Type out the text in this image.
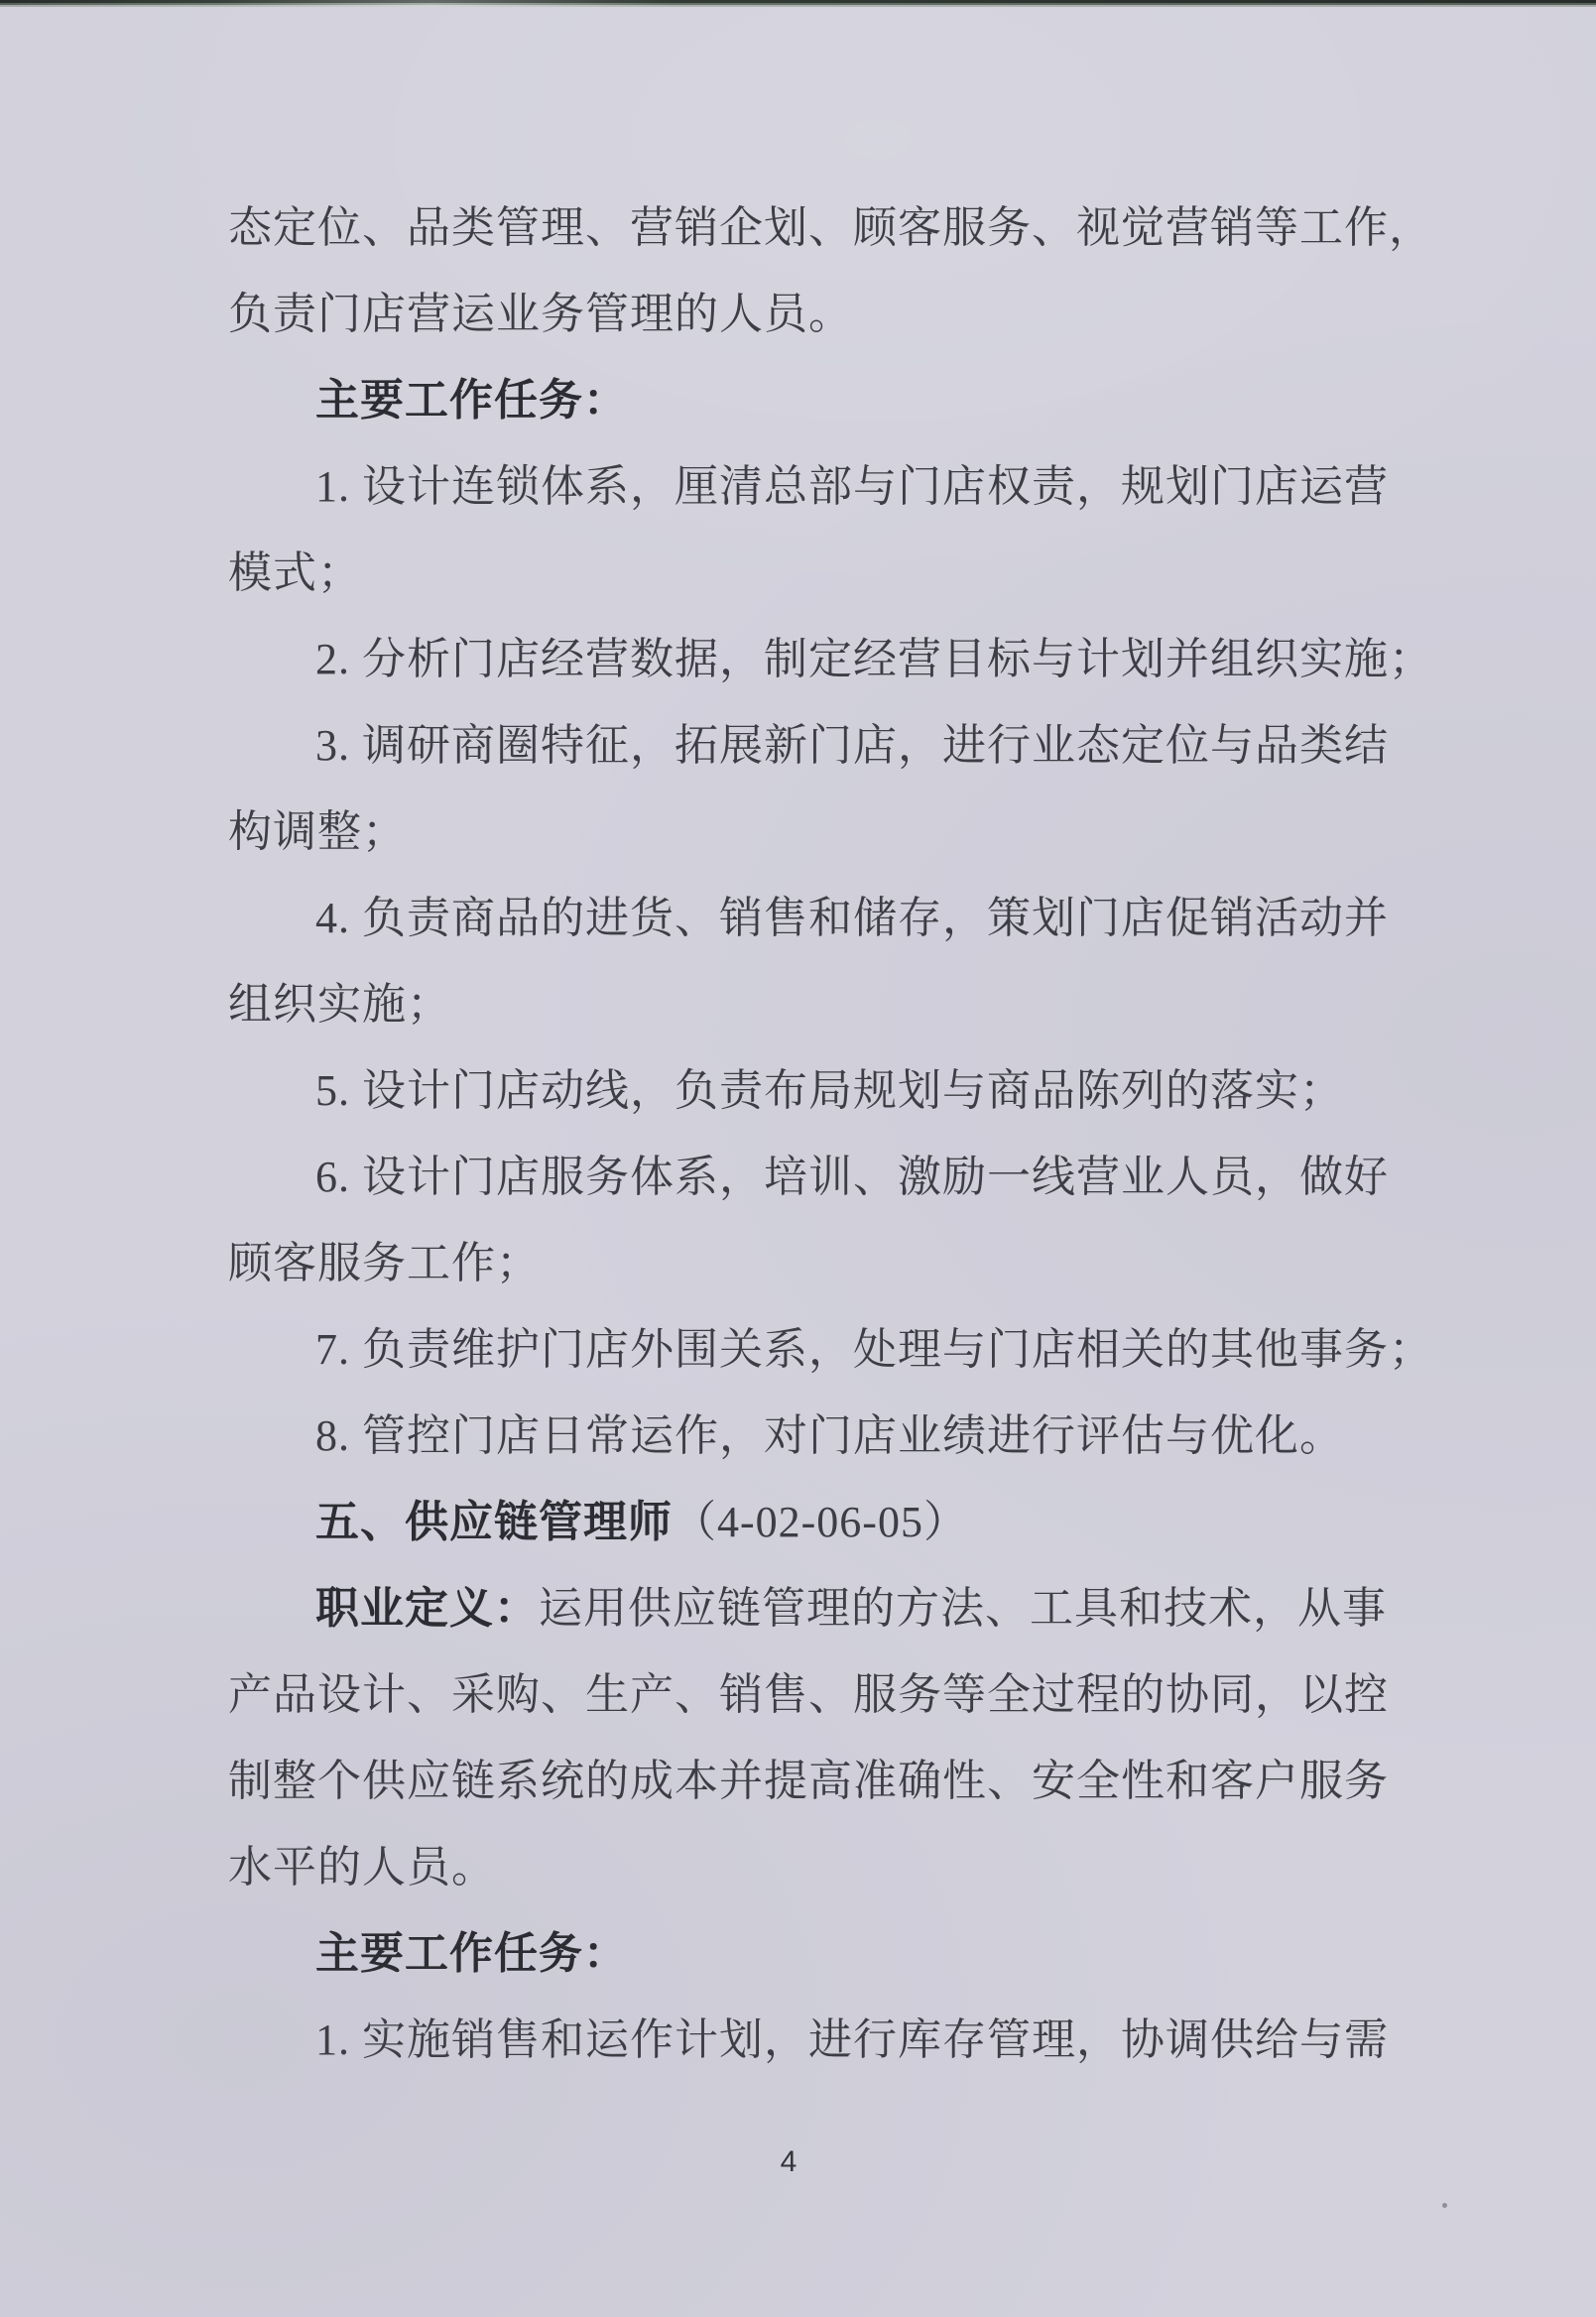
态定位、品类管理、营销企划、顾客服务、视觉营销等工作，
负责门店营运业务管理的人员。
主要工作任务：
1. 设计连锁体系，厘清总部与门店权责，规划门店运营
模式；
2. 分析门店经营数据，制定经营目标与计划并组织实施；
3. 调研商圈特征，拓展新门店，进行业态定位与品类结
构调整；
4. 负责商品的进货、销售和储存，策划门店促销活动并
组织实施；
5. 设计门店动线，负责布局规划与商品陈列的落实；
6. 设计门店服务体系，培训、激励一线营业人员，做好
顾客服务工作；
7. 负责维护门店外围关系，处理与门店相关的其他事务；
8. 管控门店日常运作，对门店业绩进行评估与优化。
五、供应链管理师（4-02-06-05）
职业定义：运用供应链管理的方法、工具和技术，从事
产品设计、采购、生产、销售、服务等全过程的协同，以控
制整个供应链系统的成本并提高准确性、安全性和客户服务
水平的人员。
主要工作任务：
1. 实施销售和运作计划，进行库存管理，协调供给与需
4
